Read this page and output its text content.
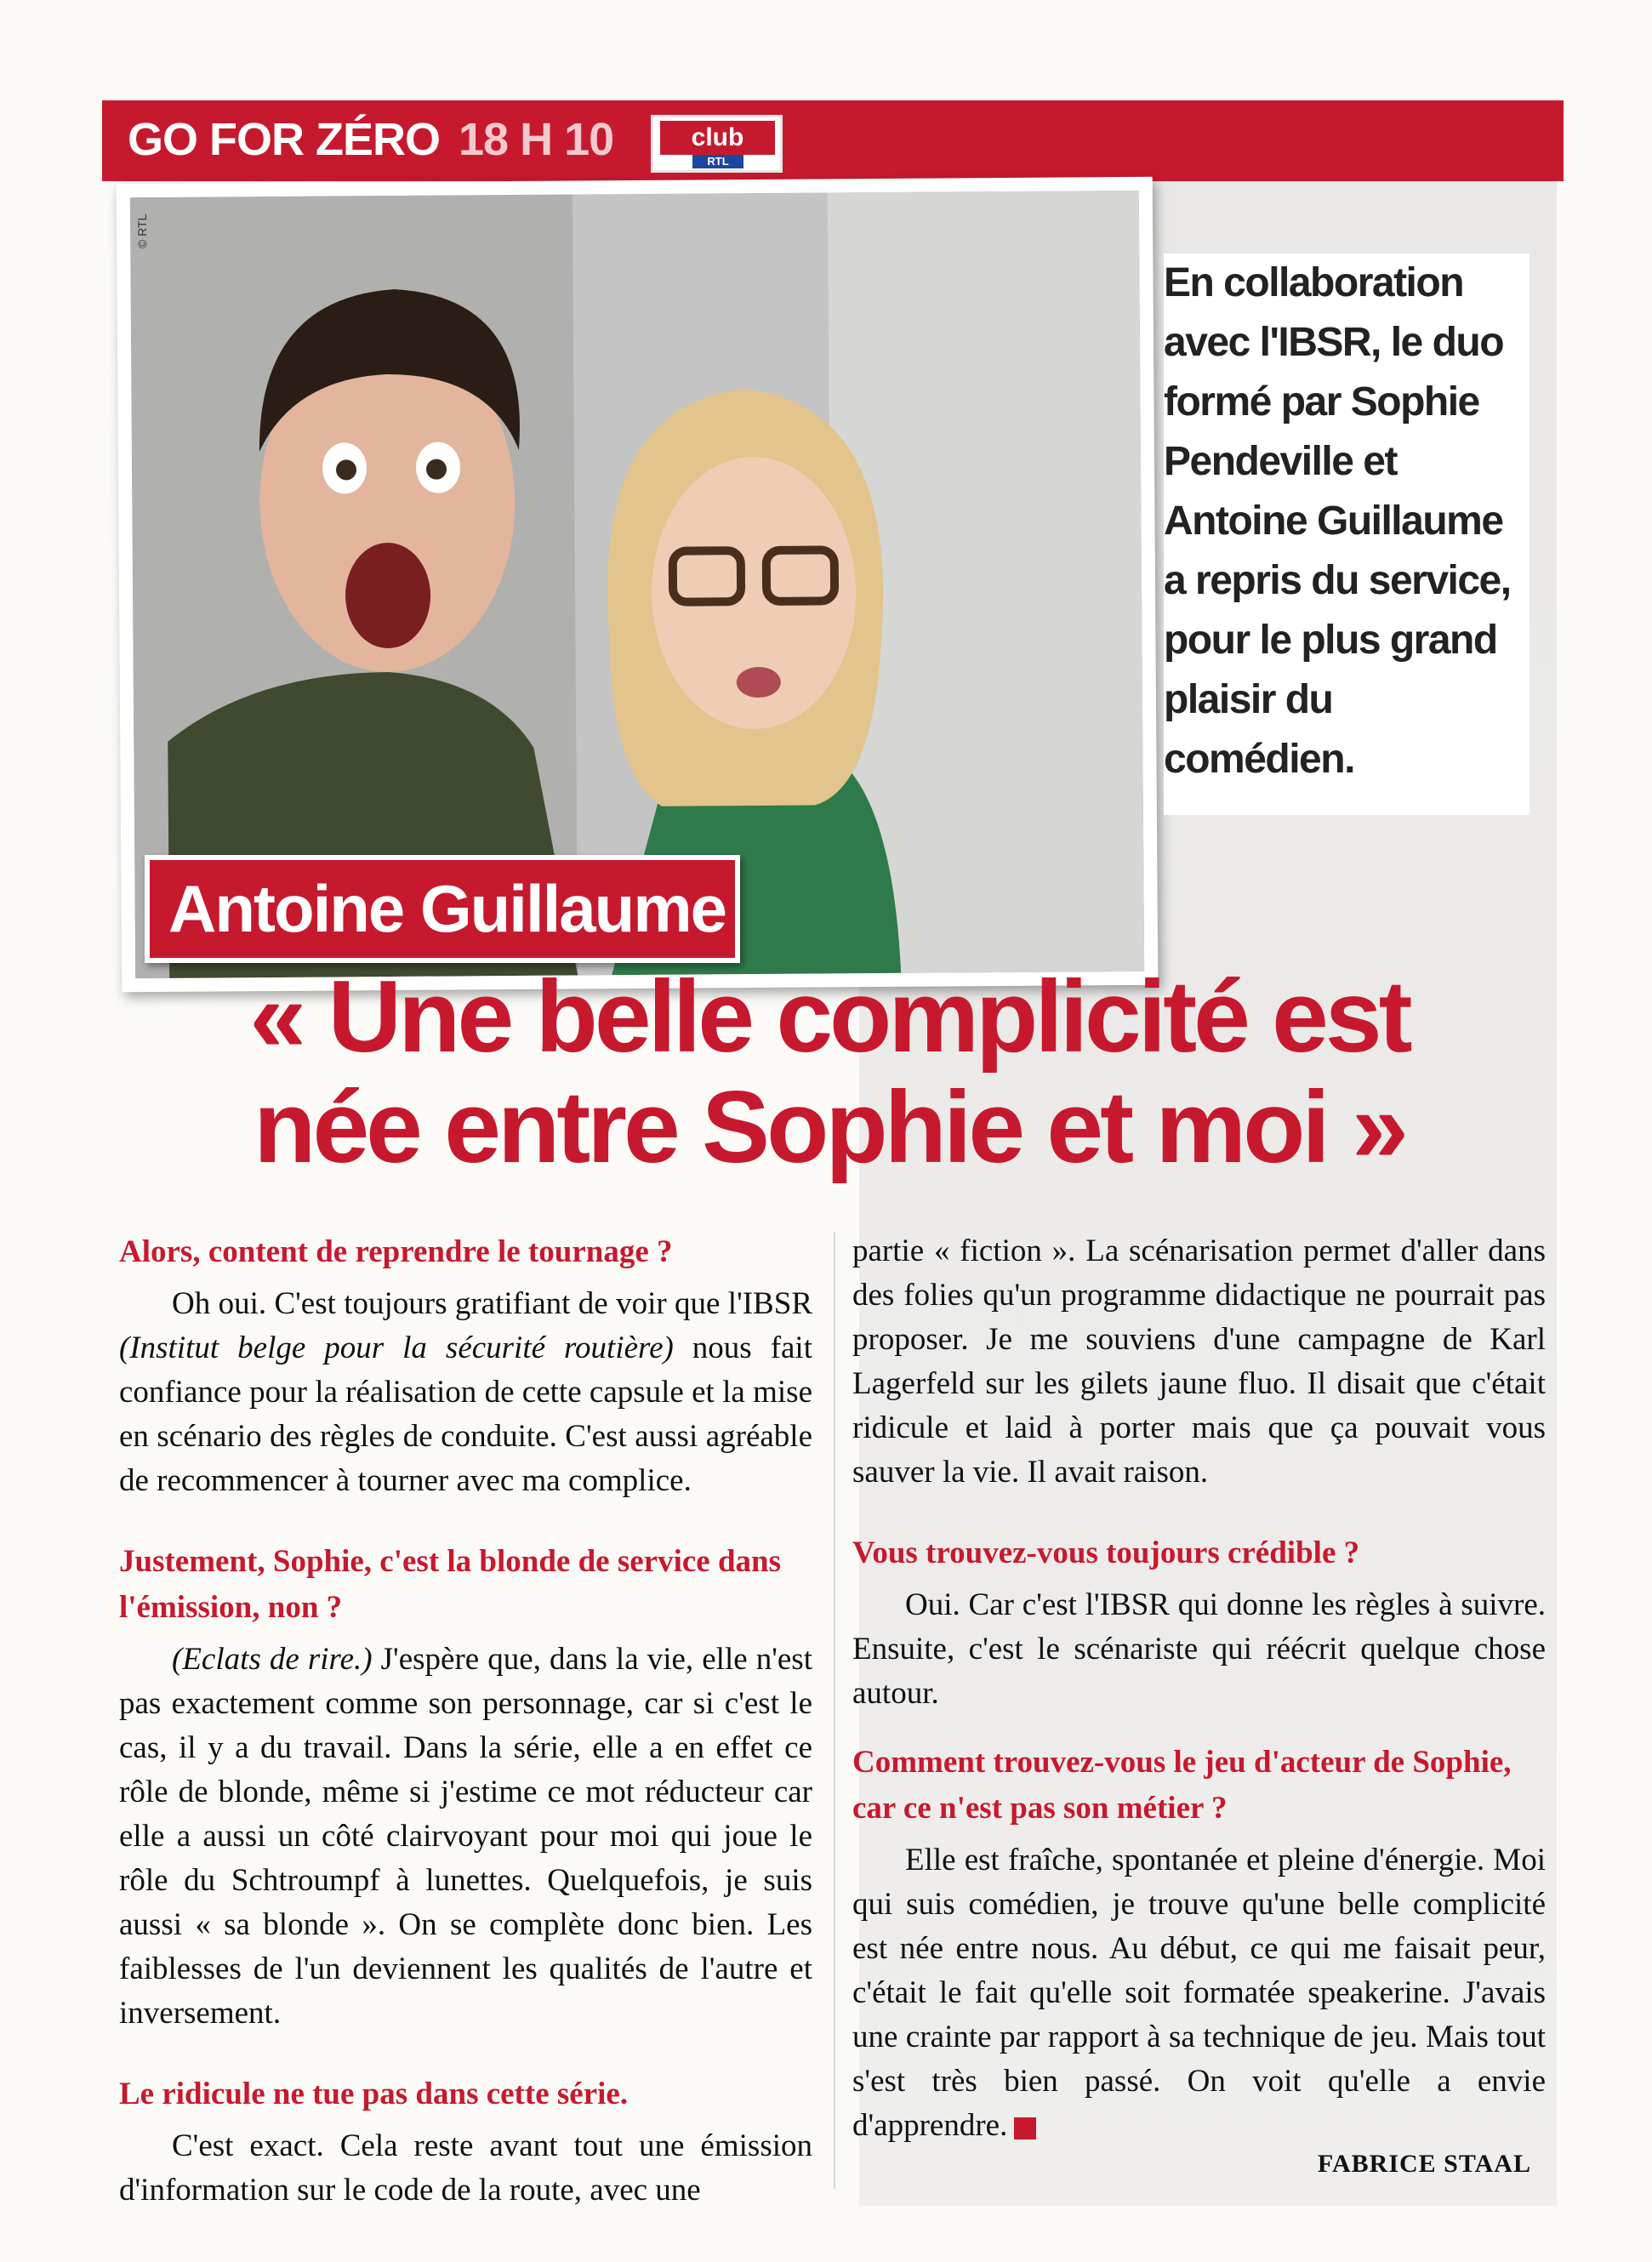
GO FOR ZÉRO 18 H 10	club
RTL
© RTL
Antoine Guillaume

En collaboration avec l'IBSR, le duo formé par Sophie Pendeville et Antoine Guillaume a repris du service, pour le plus grand plaisir du comédien.

« Une belle complicité est
née entre Sophie et moi »

Alors, content de reprendre le tournage ?

Oh oui. C'est toujours gratifiant de voir que l'IBSR (Institut belge pour la sécurité routière) nous fait confiance pour la réalisation de cette capsule et la mise en scénario des règles de conduite. C'est aussi agréable de recommencer à tourner avec ma complice.

Justement, Sophie, c'est la blonde de service dans l'émission, non ?

(Eclats de rire.) J'espère que, dans la vie, elle n'est pas exactement comme son personnage, car si c'est le cas, il y a du travail. Dans la série, elle a en effet ce rôle de blonde, même si j'estime ce mot réducteur car elle a aussi un côté clairvoyant pour moi qui joue le rôle du Schtroumpf à lunettes. Quelquefois, je suis aussi « sa blonde ». On se complète donc bien. Les faiblesses de l'un deviennent les qualités de l'autre et inversement.

Le ridicule ne tue pas dans cette série.

C'est exact. Cela reste avant tout une émission d'information sur le code de la route, avec une

partie « fiction ». La scénarisation permet d'aller dans des folies qu'un programme didactique ne pourrait pas proposer. Je me souviens d'une campagne de Karl Lagerfeld sur les gilets jaune fluo. Il disait que c'était ridicule et laid à porter mais que ça pouvait vous sauver la vie. Il avait raison.

Vous trouvez-vous toujours crédible ?

Oui. Car c'est l'IBSR qui donne les règles à suivre. Ensuite, c'est le scénariste qui réécrit quelque chose autour.

Comment trouvez-vous le jeu d'acteur de Sophie, car ce n'est pas son métier ?

Elle est fraîche, spontanée et pleine d'énergie. Moi qui suis comédien, je trouve qu'une belle complicité est née entre nous. Au début, ce qui me faisait peur, c'était le fait qu'elle soit formatée speakerine. J'avais une crainte par rapport à sa technique de jeu. Mais tout s'est très bien passé. On voit qu'elle a envie d'apprendre.

FABRICE STAAL
